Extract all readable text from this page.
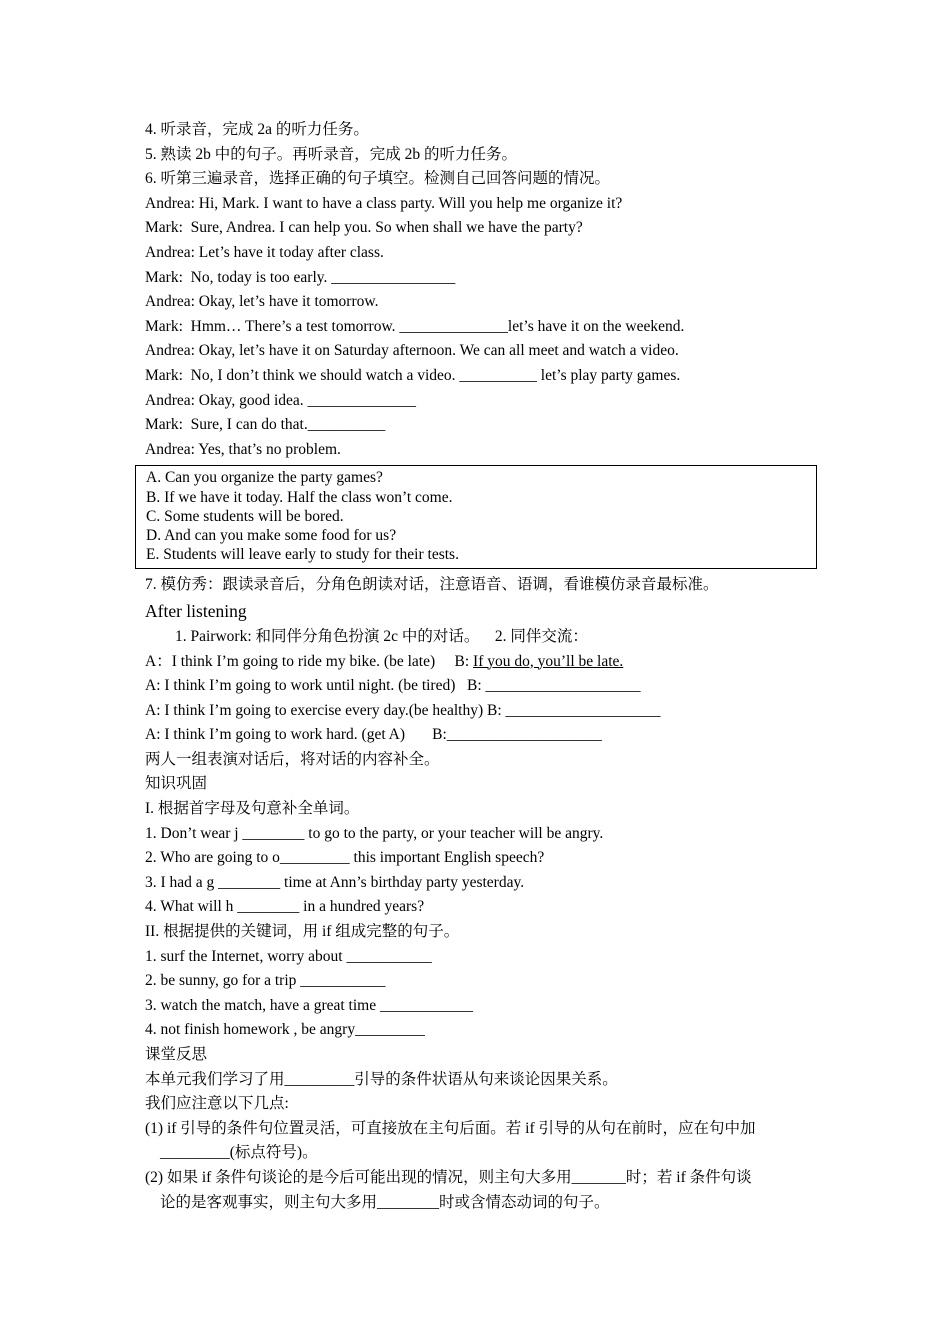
4. 听录音，完成 2a 的听力任务。

5. 熟读 2b 中的句子。再听录音，完成 2b 的听力任务。

6. 听第三遍录音，选择正确的句子填空。检测自己回答问题的情况。

Andrea: Hi, Mark. I want to have a class party. Will you help me organize it?

Mark:  Sure, Andrea. I can help you. So when shall we have the party?

Andrea: Let’s have it today after class.

Mark:  No, today is too early. ________________

Andrea: Okay, let’s have it tomorrow.

Mark:  Hmm… There’s a test tomorrow. ______________let’s have it on the weekend.

Andrea: Okay, let’s have it on Saturday afternoon. We can all meet and watch a video.

Mark:  No, I don’t think we should watch a video. __________ let’s play party games.

Andrea: Okay, good idea. ______________

Mark:  Sure, I can do that.__________

Andrea: Yes, that’s no problem.

A. Can you organize the party games?

B. If we have it today. Half the class won’t come.

C. Some students will be bored.

D. And can you make some food for us?

E. Students will leave early to study for their tests.

7. 模仿秀：跟读录音后，分角色朗读对话，注意语音、语调，看谁模仿录音最标准。

After listening

1. Pairwork: 和同伴分角色扮演 2c 中的对话。    2. 同伴交流：

A：I think I’m going to ride my bike. (be late)     B: If you do, you’ll be late.

A: I think I’m going to work until night. (be tired)   B: ____________________

A: I think I’m going to exercise every day.(be healthy) B: ____________________

A: I think I’m going to work hard. (get A)       B:____________________

两人一组表演对话后，将对话的内容补全。

知识巩固

I. 根据首字母及句意补全单词。

1. Don’t wear j ________ to go to the party, or your teacher will be angry.

2. Who are going to o_________ this important English speech?

3. I had a g ________ time at Ann’s birthday party yesterday.

4. What will h ________ in a hundred years?

II. 根据提供的关键词，用 if 组成完整的句子。

1. surf the Internet, worry about ___________

2. be sunny, go for a trip ___________

3. watch the match, have a great time ____________

4. not finish homework , be angry_________

课堂反思

本单元我们学习了用_________引导的条件状语从句来谈论因果关系。

我们应注意以下几点:

(1) if 引导的条件句位置灵活，可直接放在主句后面。若 if 引导的从句在前时，应在句中加

_________(标点符号)。

(2) 如果 if 条件句谈论的是今后可能出现的情况，则主句大多用_______时；若 if 条件句谈

论的是客观事实，则主句大多用________时或含情态动词的句子。
